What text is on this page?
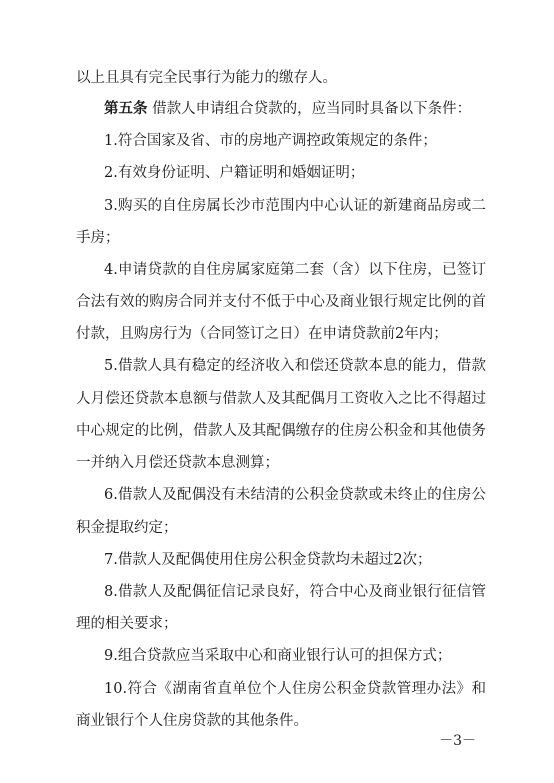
以上且具有完全民事行为能力的缴存人。
第五条 借款人申请组合贷款的，应当同时具备以下条件：
1.符合国家及省、市的房地产调控政策规定的条件；
2.有效身份证明、户籍证明和婚姻证明；
3.购买的自住房属长沙市范围内中心认证的新建商品房或二
手房；
4.申请贷款的自住房属家庭第二套（含）以下住房，已签订
合法有效的购房合同并支付不低于中心及商业银行规定比例的首
付款，且购房行为（合同签订之日）在申请贷款前2年内；
5.借款人具有稳定的经济收入和偿还贷款本息的能力，借款
人月偿还贷款本息额与借款人及其配偶月工资收入之比不得超过
中心规定的比例，借款人及其配偶缴存的住房公积金和其他债务
一并纳入月偿还贷款本息测算；
6.借款人及配偶没有未结清的公积金贷款或未终止的住房公
积金提取约定；
7.借款人及配偶使用住房公积金贷款均未超过2次；
8.借款人及配偶征信记录良好，符合中心及商业银行征信管
理的相关要求；
9.组合贷款应当采取中心和商业银行认可的担保方式；
10.符合《湖南省直单位个人住房公积金贷款管理办法》和
商业银行个人住房贷款的其他条件。
－3－
